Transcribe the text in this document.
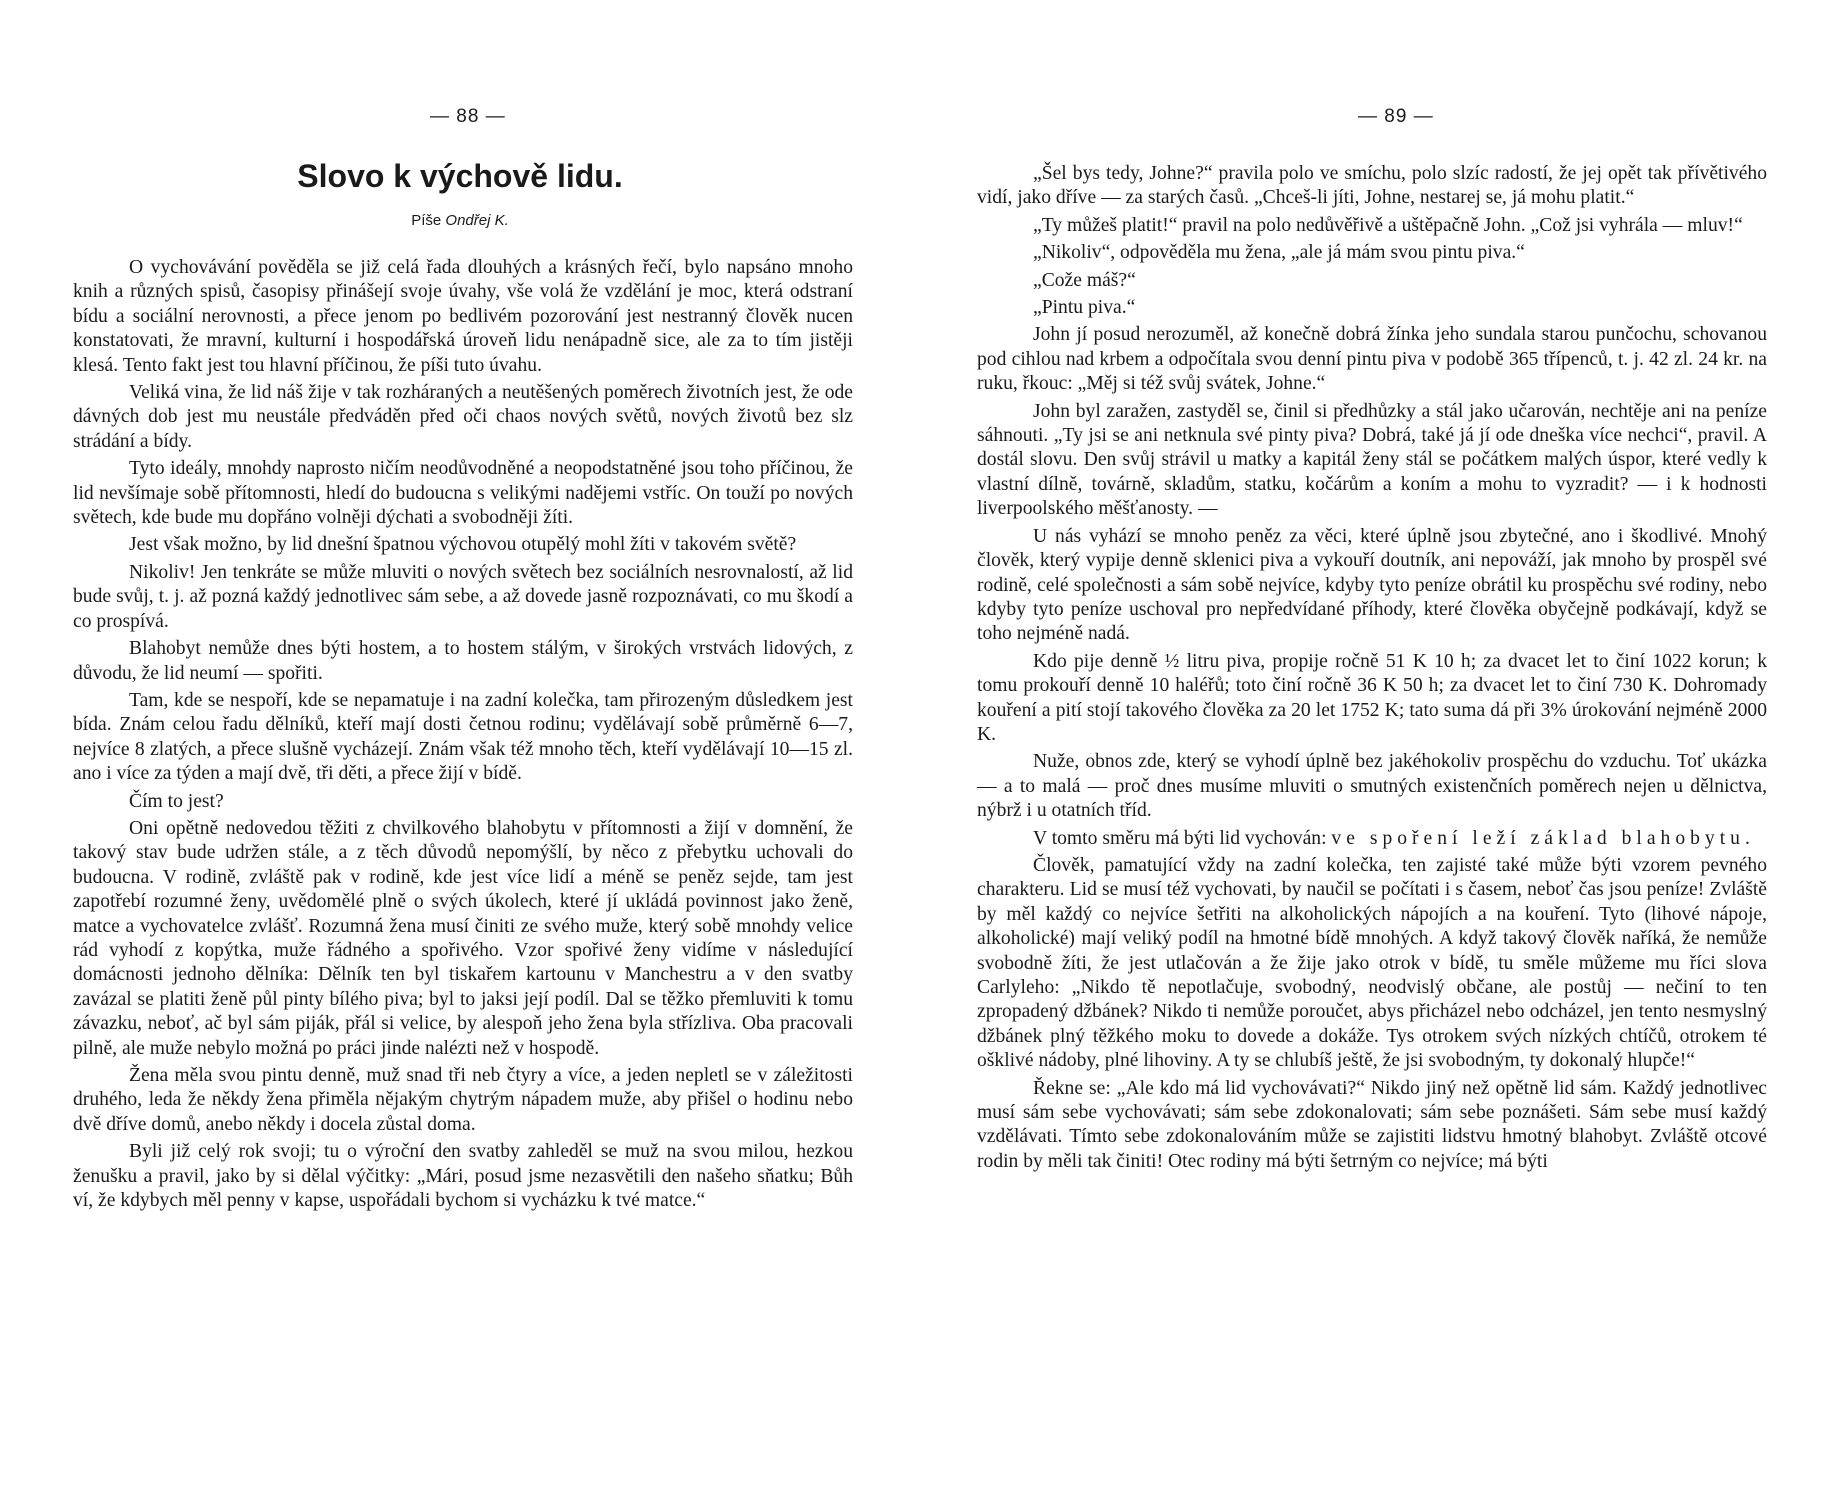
— 88 —
Slovo k výchově lidu.
Píše Ondřej K.

O vychovávání pověděla se již celá řada dlouhých a krásných řečí, bylo napsáno mnoho knih a různých spisů, časopisy přinášejí svoje úvahy, vše volá že vzdělání je moc, která odstraní bídu a sociální nerovnosti, a přece jenom po bedlivém pozorování jest nestranný člověk nucen konstatovati, že mravní, kulturní i hospodářská úroveň lidu nenápadně sice, ale za to tím jistěji klesá. Tento fakt jest tou hlavní příčinou, že píši tuto úvahu.

Veliká vina, že lid náš žije v tak rozháraných a neutěšených poměrech životních jest, že ode dávných dob jest mu neustále předváděn před oči chaos nových světů, nových životů bez slz strádání a bídy.

Tyto ideály, mnohdy naprosto ničím neodůvodněné a neopodstatněné jsou toho příčinou, že lid nevšímaje sobě přítomnosti, hledí do budoucna s velikými nadějemi vstříc. On touží po nových světech, kde bude mu dopřáno volněji dýchati a svobodněji žíti.

Jest však možno, by lid dnešní špatnou výchovou otupělý mohl žíti v takovém světě?

Nikoliv! Jen tenkráte se může mluviti o nových světech bez sociálních nesrovnalostí, až lid bude svůj, t. j. až pozná každý jednotlivec sám sebe, a až dovede jasně rozpoznávati, co mu škodí a co prospívá.

Blahobyt nemůže dnes býti hostem, a to hostem stálým, v širokých vrstvách lidových, z důvodu, že lid neumí — spořiti.

Tam, kde se nespoří, kde se nepamatuje i na zadní kolečka, tam přirozeným důsledkem jest bída. Znám celou řadu dělníků, kteří mají dosti četnou rodinu; vydělávají sobě průměrně 6—7, nejvíce 8 zlatých, a přece slušně vycházejí. Znám však též mnoho těch, kteří vydělávají 10—15 zl. ano i více za týden a mají dvě, tři děti, a přece žijí v bídě.

Čím to jest?

Oni opětně nedovedou těžiti z chvilkového blahobytu v přítomnosti a žijí v domnění, že takový stav bude udržen stále, a z těch důvodů nepomýšlí, by něco z přebytku uchovali do budoucna. V rodině, zvláště pak v rodině, kde jest více lidí a méně se peněz sejde, tam jest zapotřebí rozumné ženy, uvědomělé plně o svých úkolech, které jí ukládá povinnost jako ženě, matce a vychovatelce zvlášť. Rozumná žena musí činiti ze svého muže, který sobě mnohdy velice rád vyhodí z kopýtka, muže řádného a spořivého. Vzor spořivé ženy vidíme v následující domácnosti jednoho dělníka: Dělník ten byl tiskařem kartounu v Manchestru a v den svatby zavázal se platiti ženě půl pinty bílého piva; byl to jaksi její podíl. Dal se těžko přemluviti k tomu závazku, neboť, ač byl sám piják, přál si velice, by alespoň jeho žena byla střízliva. Oba pracovali pilně, ale muže nebylo možná po práci jinde nalézti než v hospodě.

Žena měla svou pintu denně, muž snad tři neb čtyry a více, a jeden nepletl se v záležitosti druhého, leda že někdy žena přiměla nějakým chytrým nápadem muže, aby přišel o hodinu nebo dvě dříve domů, anebo někdy i docela zůstal doma.

Byli již celý rok svoji; tu o výroční den svatby zahleděl se muž na svou milou, hezkou ženušku a pravil, jako by si dělal výčitky: „Mári, posud jsme nezasvětili den našeho sňatku; Bůh ví, že kdybych měl penny v kapse, uspořádali bychom si vycházku k tvé matce.“

— 89 —

„Šel bys tedy, Johne?“ pravila polo ve smíchu, polo slzíc radostí, že jej opět tak přívětivého vidí, jako dříve — za starých časů. „Chceš-li jíti, Johne, nestarej se, já mohu platit.“

„Ty můžeš platit!“ pravil na polo nedůvěřivě a uštěpačně John. „Což jsi vyhrála — mluv!“

„Nikoliv“, odpověděla mu žena, „ale já mám svou pintu piva.“

„Cože máš?“

„Pintu piva.“

John jí posud nerozuměl, až konečně dobrá žínka jeho sundala starou punčochu, schovanou pod cihlou nad krbem a odpočítala svou denní pintu piva v podobě 365 třípenců, t. j. 42 zl. 24 kr. na ruku, řkouc: „Měj si též svůj svátek, Johne.“

John byl zaražen, zastyděl se, činil si předhůzky a stál jako učarován, nechtěje ani na peníze sáhnouti. „Ty jsi se ani netknula své pinty piva? Dobrá, také já jí ode dneška více nechci“, pravil. A dostál slovu. Den svůj strávil u matky a kapitál ženy stál se počátkem malých úspor, které vedly k vlastní dílně, továrně, skladům, statku, kočárům a koním a mohu to vyzradit? — i k hodnosti liverpoolského měšťanosty. —

U nás vyhází se mnoho peněz za věci, které úplně jsou zbytečné, ano i škodlivé. Mnohý člověk, který vypije denně sklenici piva a vykouří doutník, ani nepováží, jak mnoho by prospěl své rodině, celé společnosti a sám sobě nejvíce, kdyby tyto peníze obrátil ku prospěchu své rodiny, nebo kdyby tyto peníze uschoval pro nepředvídané příhody, které člověka obyčejně podkávají, když se toho nejméně nadá.

Kdo pije denně ½ litru piva, propije ročně 51 K 10 h; za dvacet let to činí 1022 korun; k tomu prokouří denně 10 haléřů; toto činí ročně 36 K 50 h; za dvacet let to činí 730 K. Dohromady kouření a pití stojí takového člověka za 20 let 1752 K; tato suma dá při 3% úrokování nejméně 2000 K.

Nuže, obnos zde, který se vyhodí úplně bez jakéhokoliv prospěchu do vzduchu. Toť ukázka — a to malá — proč dnes musíme mluviti o smutných existenčních poměrech nejen u dělnictva, nýbrž i u otatních tříd.

V tomto směru má býti lid vychován: ve spoření leží základ blahobytu.

Člověk, pamatující vždy na zadní kolečka, ten zajisté také může býti vzorem pevného charakteru. Lid se musí též vychovati, by naučil se počítati i s časem, neboť čas jsou peníze! Zvláště by měl každý co nejvíce šetřiti na alkoholických nápojích a na kouření. Tyto (lihové nápoje, alkoholické) mají veliký podíl na hmotné bídě mnohých. A když takový člověk naříká, že nemůže svobodně žíti, že jest utlačován a že žije jako otrok v bídě, tu směle můžeme mu říci slova Carlyleho: „Nikdo tě nepotlačuje, svobodný, neodvislý občane, ale postůj — nečiní to ten zpropadený džbánek? Nikdo ti nemůže poroučet, abys přicházel nebo odcházel, jen tento nesmyslný džbánek plný těžkého moku to dovede a dokáže. Tys otrokem svých nízkých chtíčů, otrokem té ošklivé nádoby, plné lihoviny. A ty se chlubíš ještě, že jsi svobodným, ty dokonalý hlupče!“

Řekne se: „Ale kdo má lid vychovávati?“ Nikdo jiný než opětně lid sám. Každý jednotlivec musí sám sebe vychovávati; sám sebe zdokonalovati; sám sebe poznášeti. Sám sebe musí každý vzdělávati. Tímto sebe zdokonalováním může se zajistiti lidstvu hmotný blahobyt. Zvláště otcové rodin by měli tak činiti! Otec rodiny má býti šetrným co nejvíce; má býti
